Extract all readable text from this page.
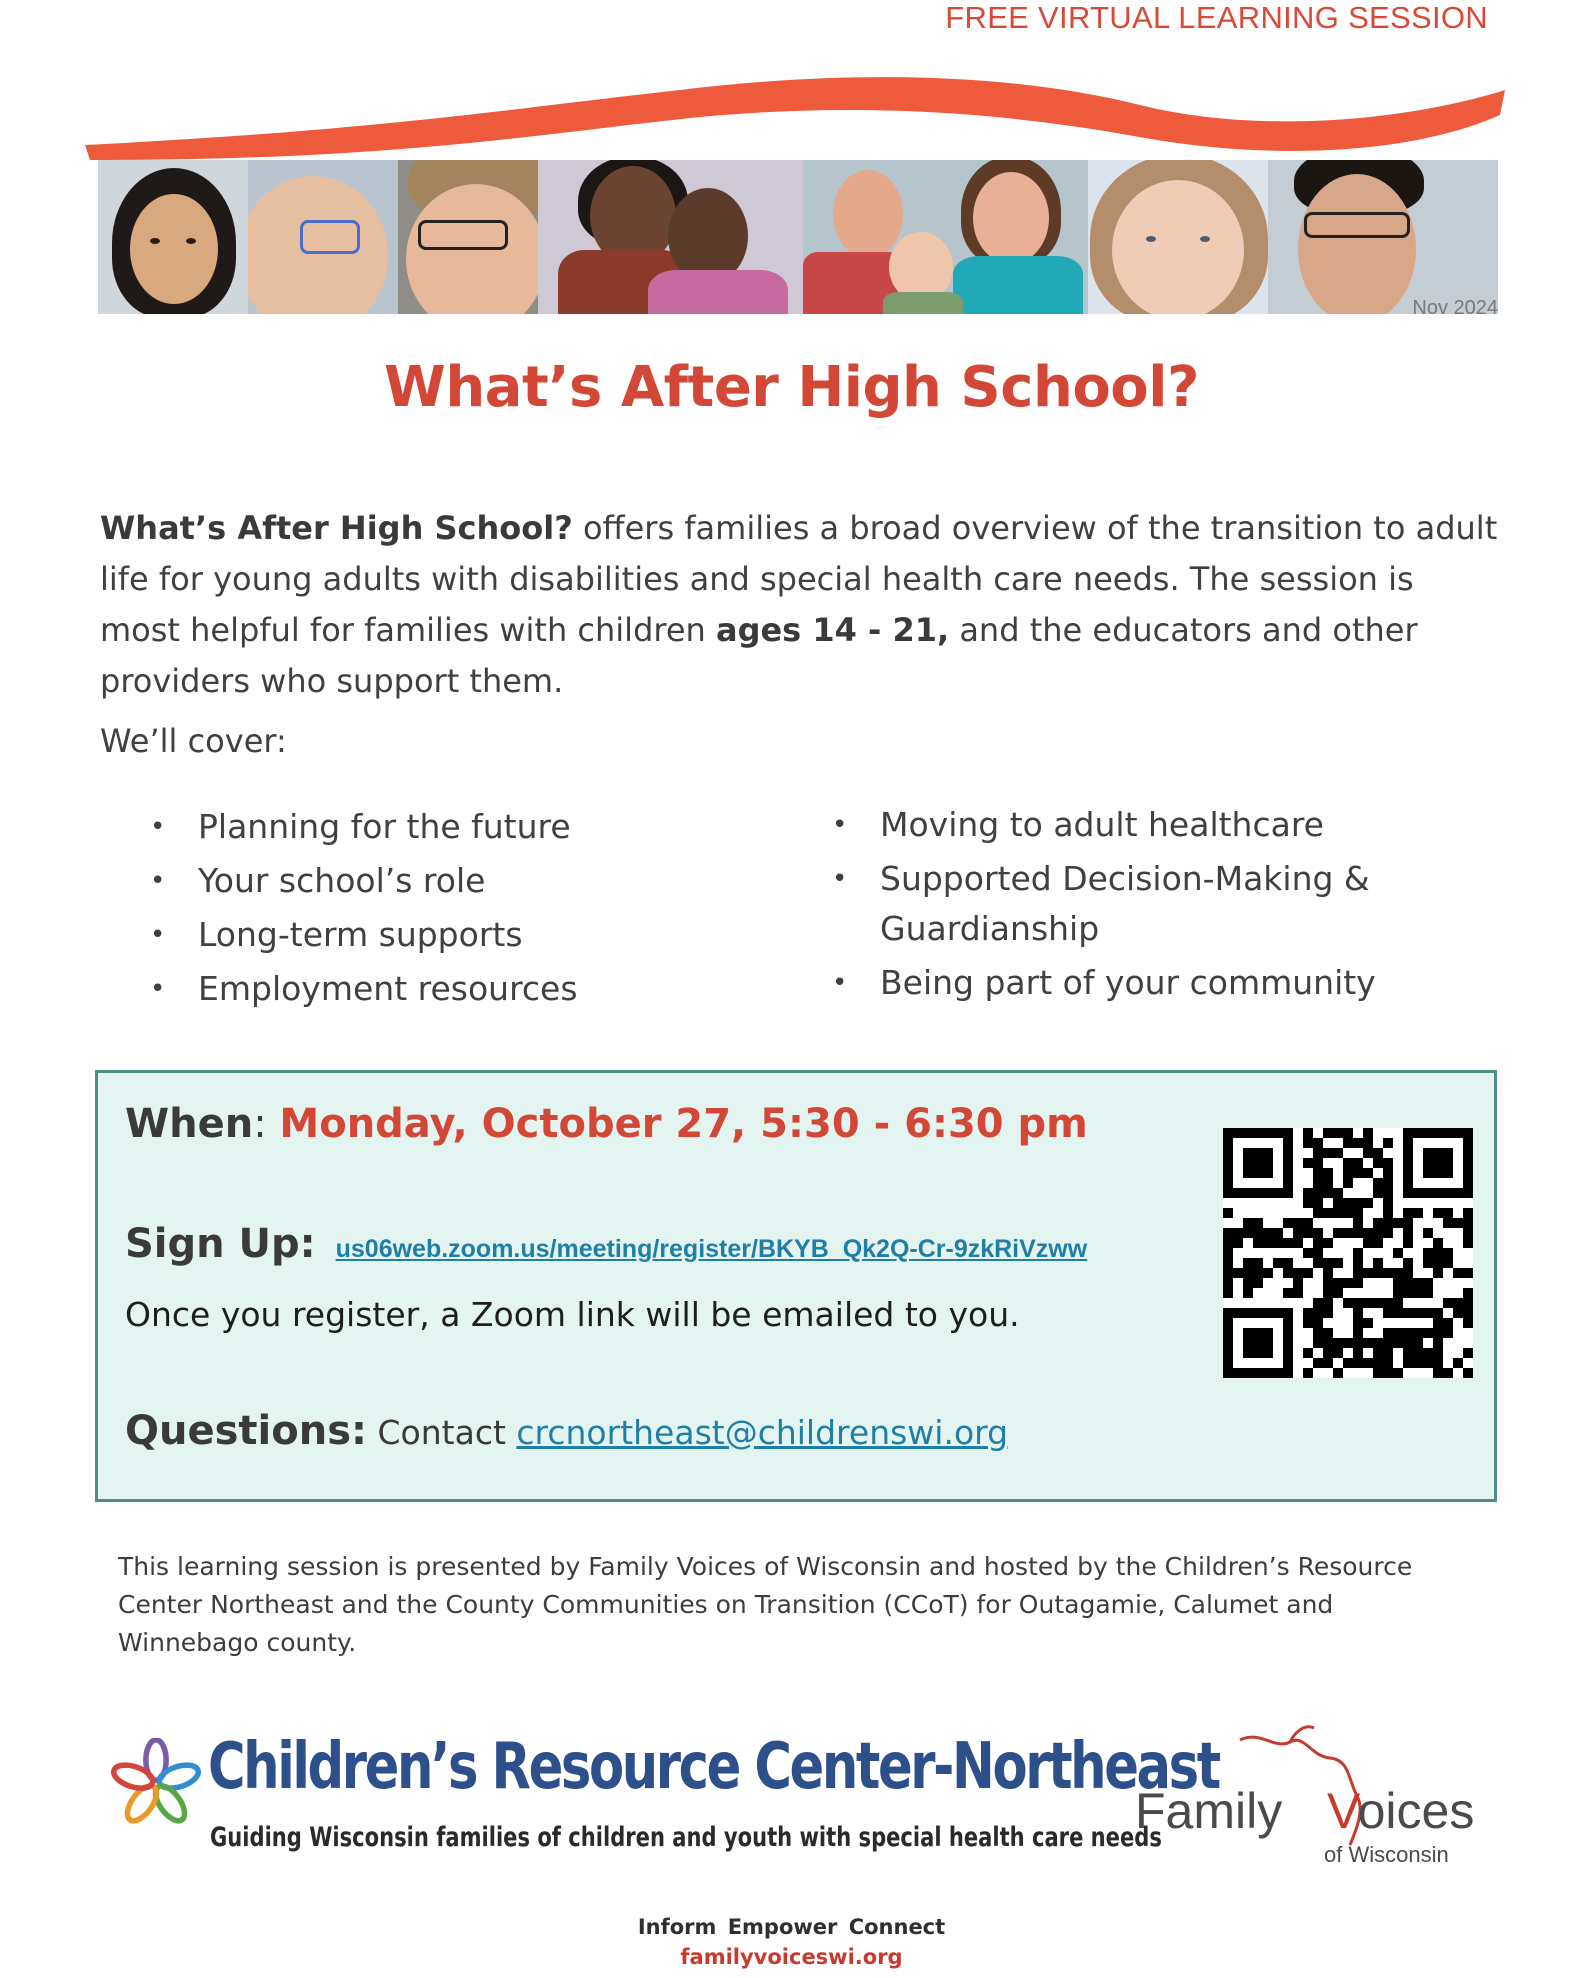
FREE VIRTUAL LEARNING SESSION
Nov 2024
What’s After High School?

What’s After High School? offers families a broad overview of the transition to adult life for young adults with disabilities and special health care needs. The session is most helpful for families with children ages 14 - 21, and the educators and other providers who support them.

We’ll cover:
• Planning for the future
• Your school’s role
• Long-term supports
• Employment resources
• Moving to adult healthcare
• Supported Decision-Making & Guardianship
• Being part of your community
When: Monday, October 27, 5:30 - 6:30 pm
Sign Up: us06web.zoom.us/meeting/register/BKYB_Qk2Q-Cr-9zkRiVzww
Once you register, a Zoom link will be emailed to you.
Questions: Contact crcnortheast@childrenswi.org

This learning session is presented by Family Voices of Wisconsin and hosted by the Children’s Resource Center Northeast and the County Communities on Transition (CCoT) for Outagamie, Calumet and Winnebago county.

Children’s Resource Center-Northeast
Guiding Wisconsin families of children and youth with special health care needs
Family Voices
of Wisconsin
Inform Empower Connect
familyvoiceswi.org
